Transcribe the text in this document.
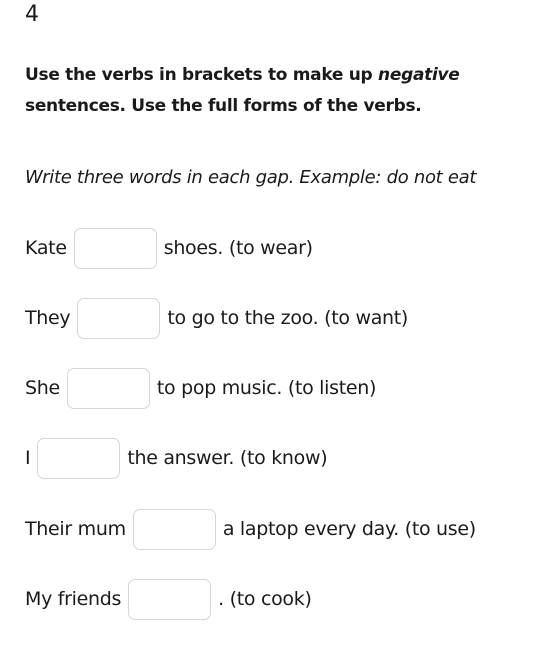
4
Use the verbs in brackets to make up negative sentences. Use the full forms of the verbs.
Write three words in each gap. Example: do not eat
Kate	shoes. (to wear)
They	to go to the zoo. (to want)
She	to pop music. (to listen)
I	the answer. (to know)
Their mum	a laptop every day. (to use)
My friends	. (to cook)
